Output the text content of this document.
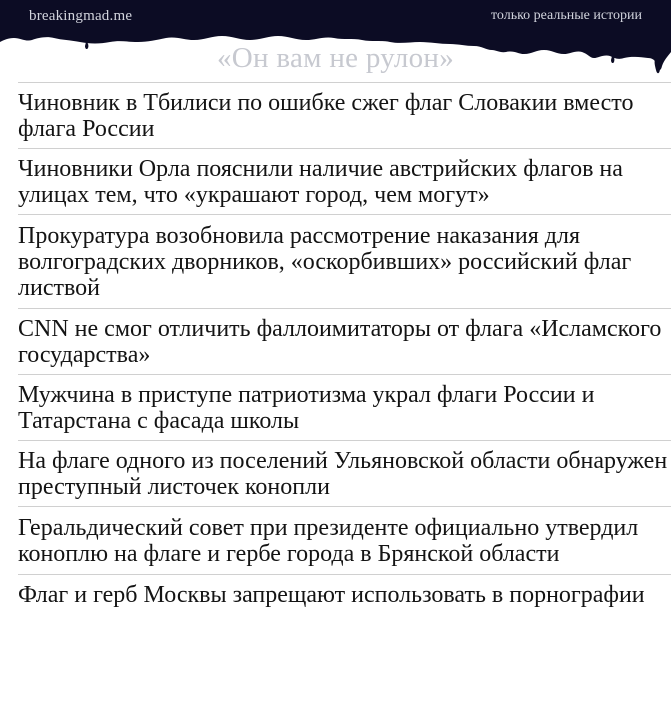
breakingmad.me	только реальные истории
«Он вам не рулон»
Чиновник в Тбилиси по ошибке сжег флаг Словакии вместо флага России
Чиновники Орла пояснили наличие австрийских флагов на улицах тем, что «украшают город, чем могут»
Прокуратура возобновила рассмотрение наказания для волгоградских дворников, «оскорбивших» российский флаг листвой
CNN не смог отличить фаллоимитаторы от флага «Исламского государства»
Мужчина в приступе патриотизма украл флаги России и Татарстана с фасада школы
На флаге одного из поселений Ульяновской области обнаружен преступный листочек конопли
Геральдический совет при президенте официально утвердил коноплю на флаге и гербе города в Брянской области
Флаг и герб Москвы запрещают использовать в порнографии
